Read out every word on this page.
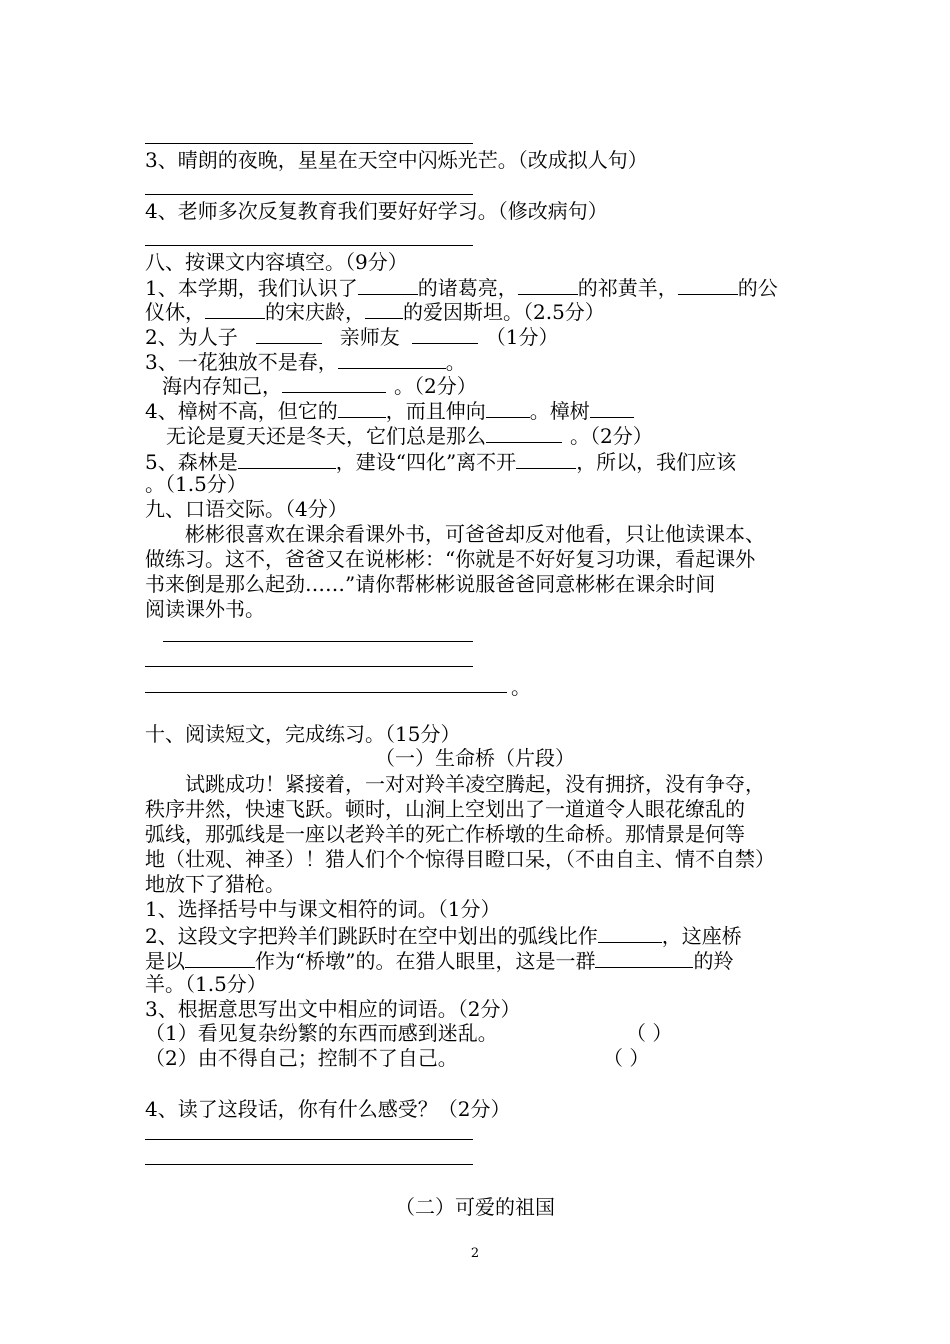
3、晴朗的夜晚，星星在天空中闪烁光芒。（改成拟人句）
4、老师多次反复教育我们要好好学习。（修改病句）
八、按课文内容填空。（9分）
1、本学期，我们认识了	的诸葛亮，	的祁黄羊，	的公
仪休，	的宋庆龄， 的爱因斯坦。（2.5分）
2、为人子	亲师友	（1分）
3、一花独放不是春，	。
海内存知己，	。（2分）
4、樟树不高，但它的 ，而且伸向 。樟树
无论是夏天还是冬天，它们总是那么	。（2分）
5、森林是	，建设“四化”离不开	，所以，我们应该
。（1.5分）
九、口语交际。（4分）
彬彬很喜欢在课余看课外书，可爸爸却反对他看，只让他读课本、
做练习。这不，爸爸又在说彬彬：“你就是不好好复习功课，看起课外
书来倒是那么起劲……”请你帮彬彬说服爸爸同意彬彬在课余时间
阅读课外书。
。
十、阅读短文，完成练习。（15分）
（一）生命桥（片段）
试跳成功！紧接着，一对对羚羊凌空腾起，没有拥挤，没有争夺，
秩序井然，快速飞跃。顿时，山涧上空划出了一道道令人眼花缭乱的
弧线，那弧线是一座以老羚羊的死亡作桥墩的生命桥。那情景是何等
地（壮观、神圣）！猎人们个个惊得目瞪口呆，（不由自主、情不自禁）
地放下了猎枪。
1、选择括号中与课文相符的词。（1分）
2、这段文字把羚羊们跳跃时在空中划出的弧线比作	，这座桥
是以	作为“桥墩”的。在猎人眼里，这是一群	的羚
羊。（1.5分）
3、根据意思写出文中相应的词语。（2分）
（1）看见复杂纷繁的东西而感到迷乱。	（ ）
（2）由不得自己；控制不了自己。	（ ）
4、读了这段话，你有什么感受？（2分）
（二）可爱的祖国
2
